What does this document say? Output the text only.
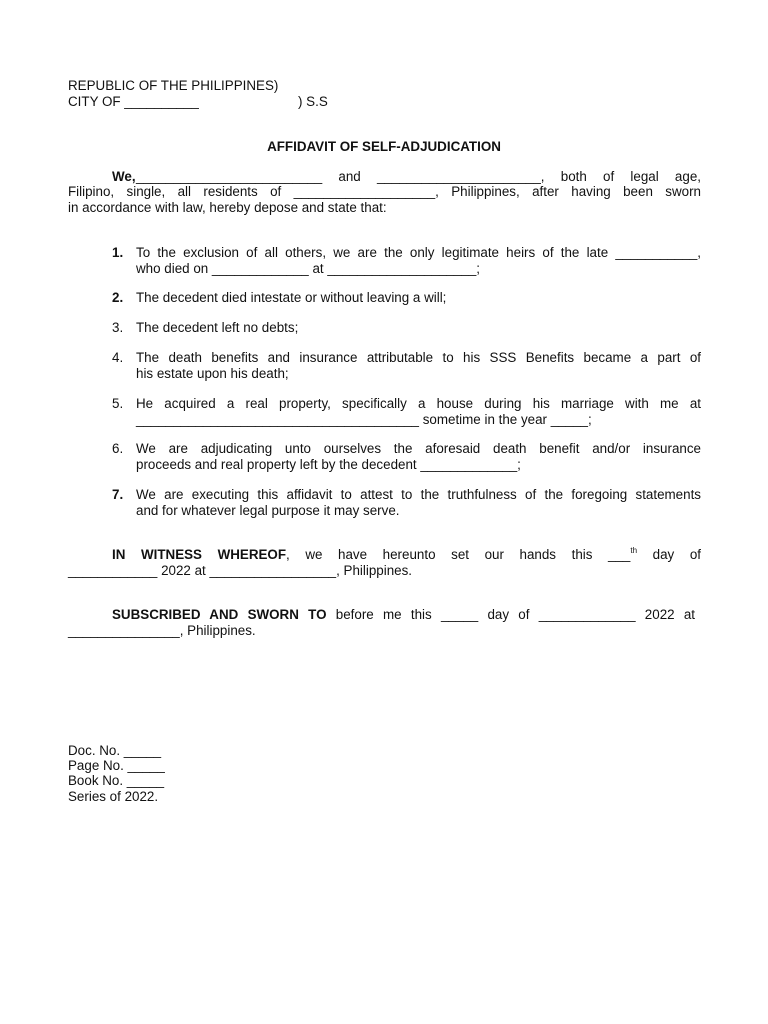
REPUBLIC OF THE PHILIPPINES)
CITY OF __________	) S.S
AFFIDAVIT OF SELF-ADJUDICATION
We, _________________________ and ______________________, both of legal age,
Filipino, single, all residents of ___________________, Philippines, after having been sworn
in accordance with law, hereby depose and state that:
1. To the exclusion of all others, we are the only legitimate heirs of the late ___________,
who died on _____________ at ____________________;
2. The decedent died intestate or without leaving a will;
3. The decedent left no debts;
4. The death benefits and insurance attributable to his SSS Benefits became a part of
his estate upon his death;
5. He acquired a real property, specifically a house during his marriage with me at
______________________________________ sometime in the year _____;
6. We are adjudicating unto ourselves the aforesaid death benefit and/or insurance
proceeds and real property left by the decedent _____________;
7. We are executing this affidavit to attest to the truthfulness of the foregoing statements
and for whatever legal purpose it may serve.
IN WITNESS WHEREOF, we have hereunto set our hands this ___$^{th}$ day of
____________ 2022 at _________________, Philippines.
SUBSCRIBED AND SWORN TO before me this _____ day of _____________ 2022 at
_______________, Philippines.
Doc. No. _____
Page No. _____
Book No. _____
Series of 2022.
